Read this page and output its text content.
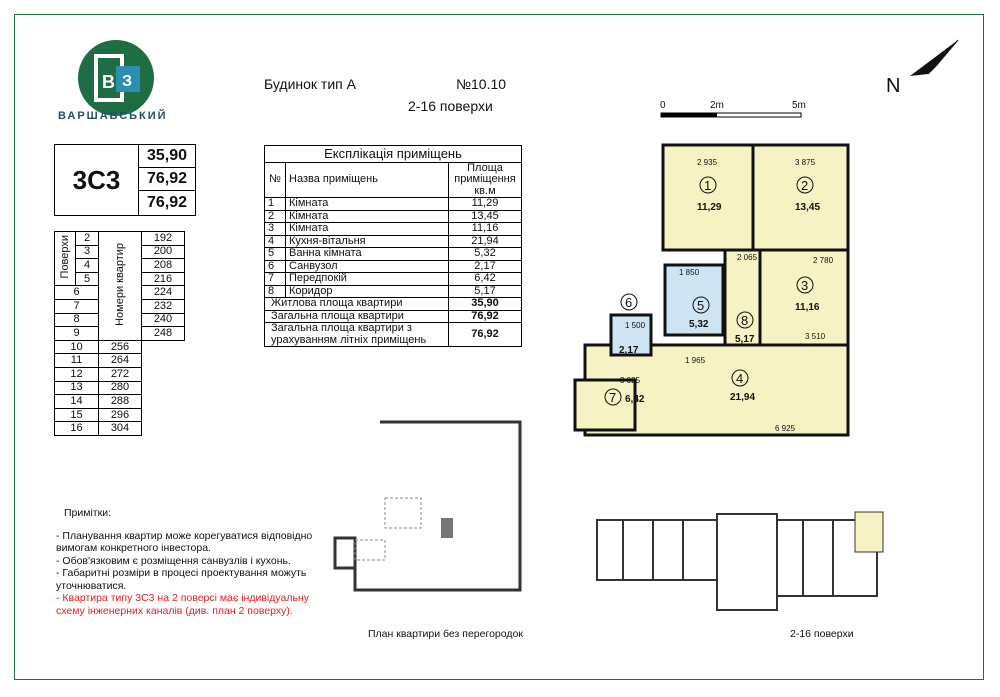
В З
ВАРШАВСЬКИЙ
Будинок тип А	№10.10
2-16 поверхи
3С3
35,90
76,92
76,92
Поверхи	2	Номери квартир	192
	3		200
	4		208
	5		216
6			224
7			232
8			240
9			248
10		256	
11		264	
12		272	
13		280	
14		288	
15		296	
16		304	
Експлікація приміщень		
№	Назва приміщень	Площа приміщення кв.м
1	Кімната	11,29
2	Кімната	13,45
3	Кімната	11,16
4	Кухня-вітальня	21,94
5	Ванна кімната	5,32
6	Санвузол	2,17
7	Передпокій	6,42
8	Коридор	5,17
Житлова площа квартири		35,90
Загальна площа квартири		76,92
Загальна площа квартири з урахуванням літніх приміщень		76,92
Примітки:
- Планування квартир може корегуватися відповідно вимогам конкретного інвестора.
- Обов'язковим є розміщення санвузлів і кухонь.
- Габаритні розміри в процесі проектування можуть уточнюватися.
- Квартира типу 3С3 на 2 поверсі має індивідуальну схему інженерних каналів (див. план 2 поверху).
0	2m	5m
N
2 935	3 875
2 065	2 780
1 850
3 510
1 500
1 965
3 025
6 925
1
11,29
2
13,45
3
11,16
4
21,94
5
5,32
6
2,17
7 6,42
8
5,17
План квартири без перегородок	2-16 поверхи
